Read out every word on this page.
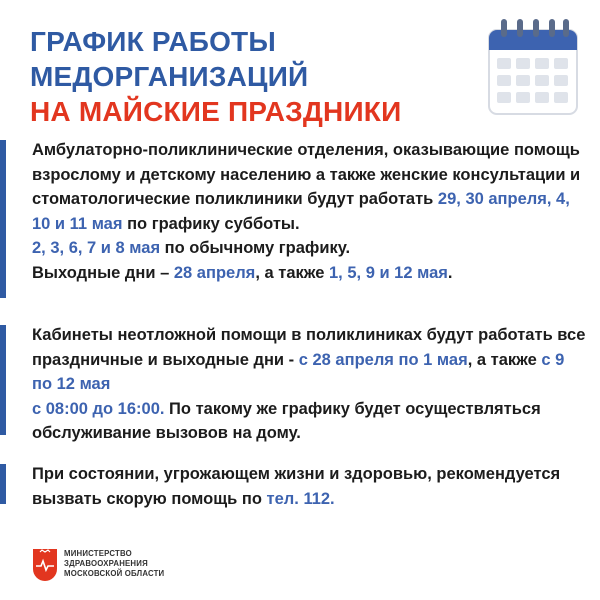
ГРАФИК РАБОТЫ
МЕДОРГАНИЗАЦИЙ
НА МАЙСКИЕ ПРАЗДНИКИ
Амбулаторно-поликлинические отделения, оказывающие помощь взрослому и детскому населению а также женские консультации и стоматологические поликлиники будут работать 29, 30 апреля, 4, 10 и 11 мая по графику субботы.
2, 3, 6, 7 и 8 мая по обычному графику.
Выходные дни – 28 апреля, а также 1, 5, 9 и 12 мая.
Кабинеты неотложной помощи в поликлиниках будут работать все праздничные и выходные дни - с 28 апреля по 1 мая, а также с 9 по 12 мая
с 08:00 до 16:00. По такому же графику будет осуществляться обслуживание вызовов на дому.
При состоянии, угрожающем жизни и здоровью, рекомендуется вызвать скорую помощь по тел. 112.
МИНИСТЕРСТВО
ЗДРАВООХРАНЕНИЯ
МОСКОВСКОЙ ОБЛАСТИ
